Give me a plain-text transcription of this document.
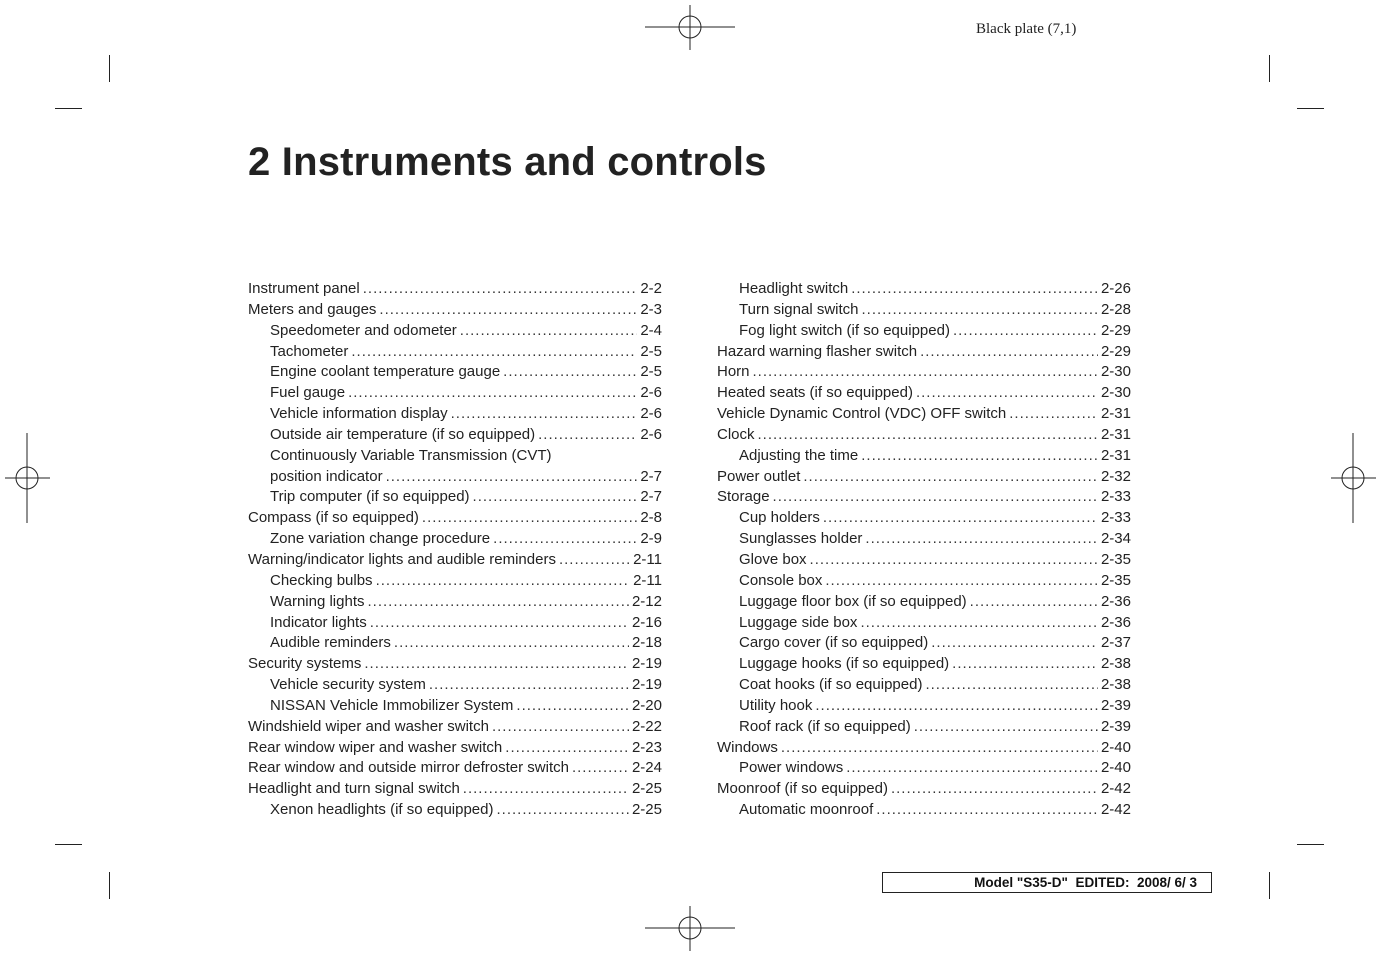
Black plate (7,1)
2 Instruments and controls
Instrument panel .....	2-2
Meters and gauges .....	2-3
Speedometer and odometer .....	2-4
Tachometer .....	2-5
Engine coolant temperature gauge .....	2-5
Fuel gauge .....	2-6
Vehicle information display .....	2-6
Outside air temperature (if so equipped) .....	2-6
Continuously Variable Transmission (CVT)
position indicator .....	2-7
Trip computer (if so equipped) .....	2-7
Compass (if so equipped) .....	2-8
Zone variation change procedure .....	2-9
Warning/indicator lights and audible reminders .....	2-11
Checking bulbs .....	2-11
Warning lights .....	2-12
Indicator lights .....	2-16
Audible reminders .....	2-18
Security systems .....	2-19
Vehicle security system .....	2-19
NISSAN Vehicle Immobilizer System .....	2-20
Windshield wiper and washer switch .....	2-22
Rear window wiper and washer switch .....	2-23
Rear window and outside mirror defroster switch .....	2-24
Headlight and turn signal switch .....	2-25
Xenon headlights (if so equipped) .....	2-25
Headlight switch .....	2-26
Turn signal switch .....	2-28
Fog light switch (if so equipped) .....	2-29
Hazard warning flasher switch .....	2-29
Horn .....	2-30
Heated seats (if so equipped) .....	2-30
Vehicle Dynamic Control (VDC) OFF switch .....	2-31
Clock .....	2-31
Adjusting the time .....	2-31
Power outlet .....	2-32
Storage .....	2-33
Cup holders .....	2-33
Sunglasses holder .....	2-34
Glove box .....	2-35
Console box .....	2-35
Luggage floor box (if so equipped) .....	2-36
Luggage side box .....	2-36
Cargo cover (if so equipped) .....	2-37
Luggage hooks (if so equipped) .....	2-38
Coat hooks (if so equipped) .....	2-38
Utility hook .....	2-39
Roof rack (if so equipped) .....	2-39
Windows .....	2-40
Power windows .....	2-40
Moonroof (if so equipped) .....	2-42
Automatic moonroof .....	2-42
Model "S35-D"  EDITED:  2008/ 6/ 3
